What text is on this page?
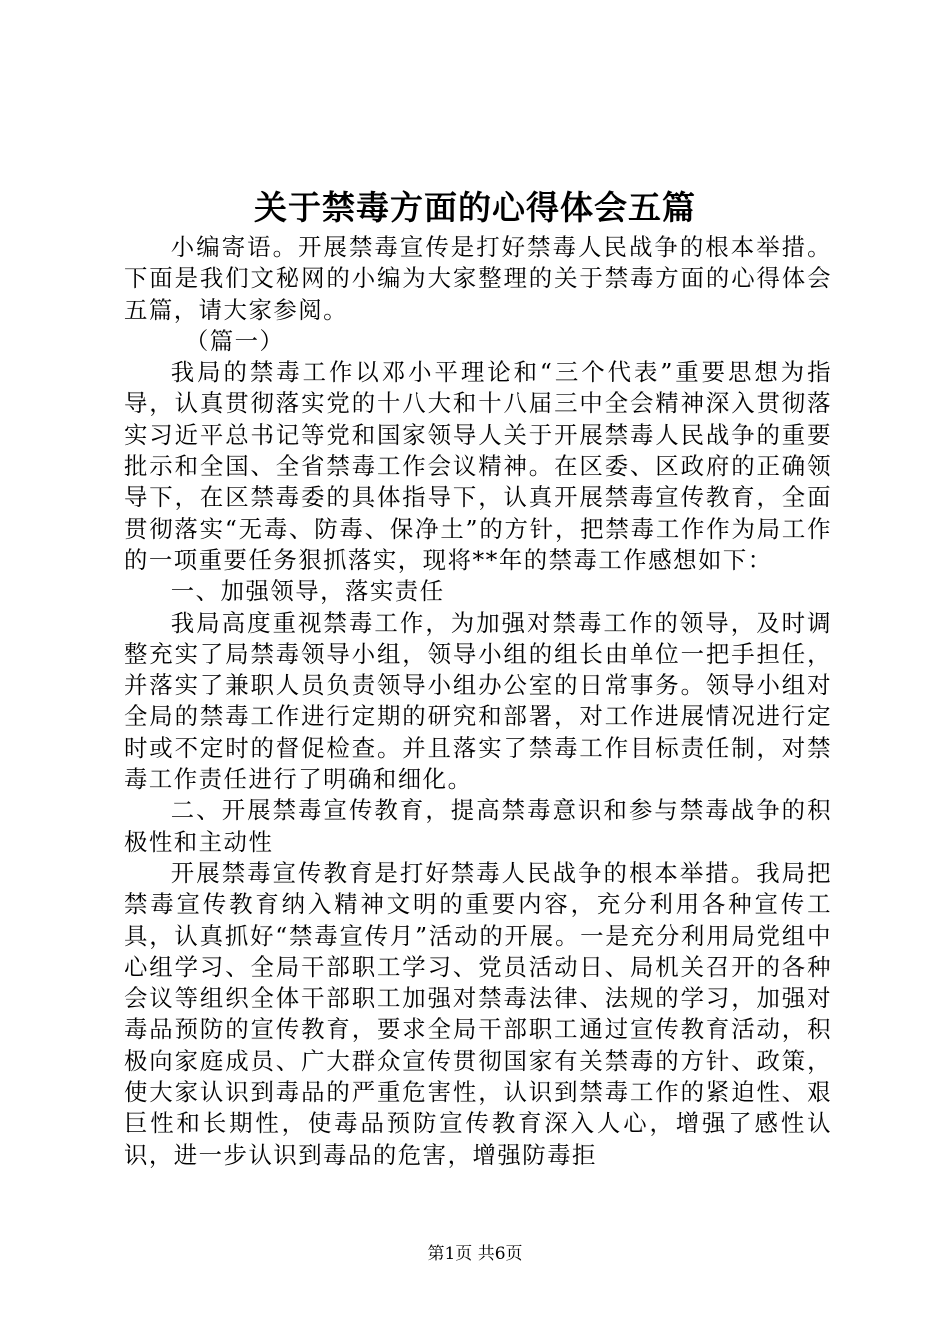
关于禁毒方面的心得体会五篇

小编寄语。开展禁毒宣传是打好禁毒人民战争的根本举措。下面是我们文秘网的小编为大家整理的关于禁毒方面的心得体会五篇，请大家参阅。

（篇一）

我局的禁毒工作以邓小平理论和“三个代表”重要思想为指导，认真贯彻落实党的十八大和十八届三中全会精神深入贯彻落实习近平总书记等党和国家领导人关于开展禁毒人民战争的重要批示和全国、全省禁毒工作会议精神。在区委、区政府的正确领导下，在区禁毒委的具体指导下，认真开展禁毒宣传教育，全面贯彻落实“无毒、防毒、保净土”的方针，把禁毒工作作为局工作的一项重要任务狠抓落实，现将**年的禁毒工作感想如下：

一、加强领导，落实责任

我局高度重视禁毒工作，为加强对禁毒工作的领导，及时调整充实了局禁毒领导小组，领导小组的组长由单位一把手担任，并落实了兼职人员负责领导小组办公室的日常事务。领导小组对全局的禁毒工作进行定期的研究和部署，对工作进展情况进行定时或不定时的督促检查。并且落实了禁毒工作目标责任制，对禁毒工作责任进行了明确和细化。

二、开展禁毒宣传教育，提高禁毒意识和参与禁毒战争的积极性和主动性

开展禁毒宣传教育是打好禁毒人民战争的根本举措。我局把禁毒宣传教育纳入精神文明的重要内容，充分利用各种宣传工具，认真抓好“禁毒宣传月”活动的开展。一是充分利用局党组中心组学习、全局干部职工学习、党员活动日、局机关召开的各种会议等组织全体干部职工加强对禁毒法律、法规的学习，加强对毒品预防的宣传教育，要求全局干部职工通过宣传教育活动，积极向家庭成员、广大群众宣传贯彻国家有关禁毒的方针、政策，使大家认识到毒品的严重危害性，认识到禁毒工作的紧迫性、艰巨性和长期性，使毒品预防宣传教育深入人心，增强了感性认识，进一步认识到毒品的危害，增强防毒拒

第1页 共6页
